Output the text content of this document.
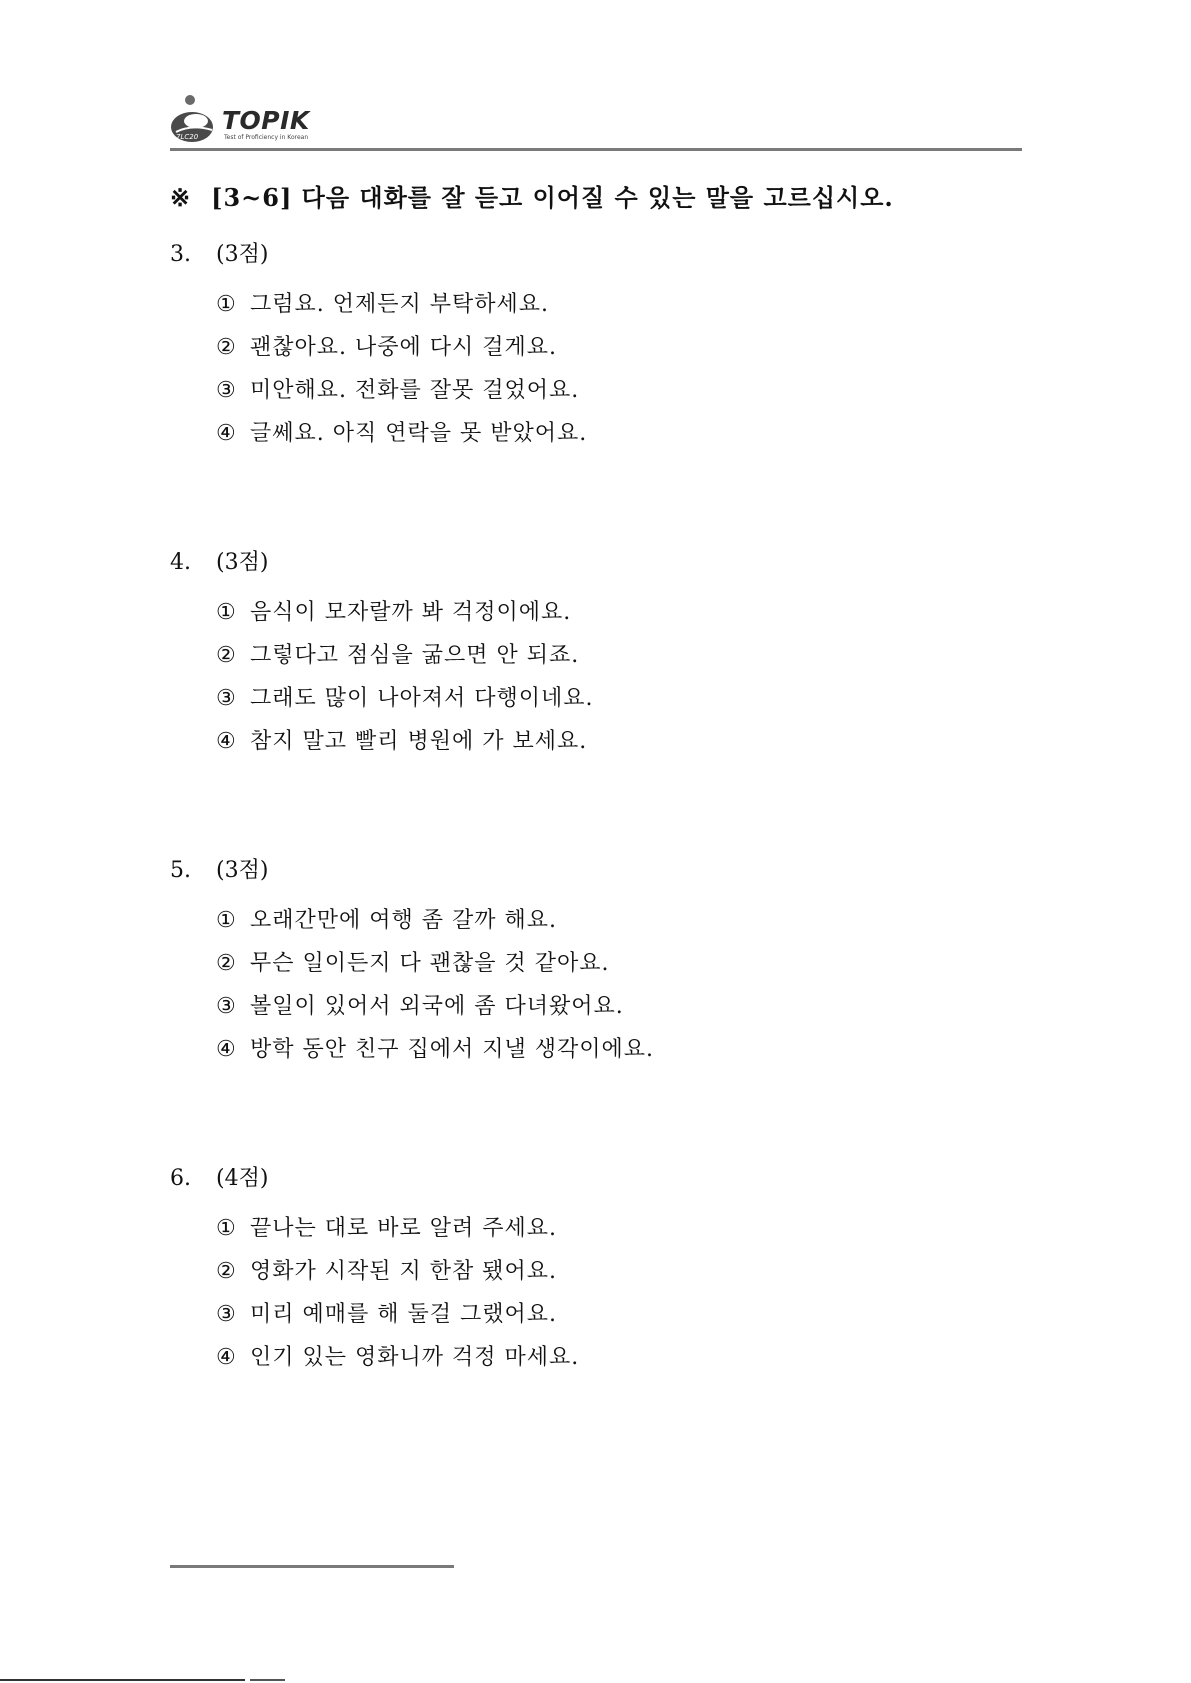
7LC20
TOPIK
Test of Proficiency in Korean
※ [3~6] 다음 대화를 잘 듣고 이어질 수 있는 말을 고르십시오.
3. (3점)
① 그럼요. 언제든지 부탁하세요.
② 괜찮아요. 나중에 다시 걸게요.
③ 미안해요. 전화를 잘못 걸었어요.
④ 글쎄요. 아직 연락을 못 받았어요.
4. (3점)
① 음식이 모자랄까 봐 걱정이에요.
② 그렇다고 점심을 굶으면 안 되죠.
③ 그래도 많이 나아져서 다행이네요.
④ 참지 말고 빨리 병원에 가 보세요.
5. (3점)
① 오래간만에 여행 좀 갈까 해요.
② 무슨 일이든지 다 괜찮을 것 같아요.
③ 볼일이 있어서 외국에 좀 다녀왔어요.
④ 방학 동안 친구 집에서 지낼 생각이에요.
6. (4점)
① 끝나는 대로 바로 알려 주세요.
② 영화가 시작된 지 한참 됐어요.
③ 미리 예매를 해 둘걸 그랬어요.
④ 인기 있는 영화니까 걱정 마세요.
